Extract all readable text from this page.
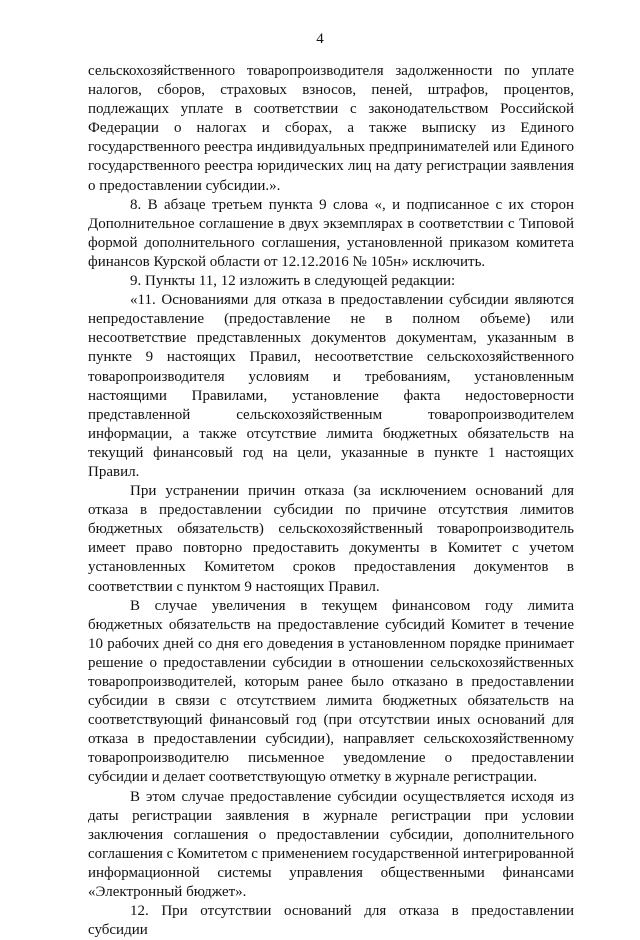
4

сельскохозяйственного товаропроизводителя задолженности по уплате налогов, сборов, страховых взносов, пеней, штрафов, процентов, подлежащих уплате в соответствии с законодательством Российской Федерации о налогах и сборах, а также выписку из Единого государственного реестра индивидуальных предпринимателей или Единого государственного реестра юридических лиц на дату регистрации заявления о предоставлении субсидии.».

8. В абзаце третьем пункта 9 слова «, и подписанное с их сторон Дополнительное соглашение в двух экземплярах в соответствии с Типовой формой дополнительного соглашения, установленной приказом комитета финансов Курской области от 12.12.2016 № 105н» исключить.

9. Пункты 11, 12 изложить в следующей редакции:

«11. Основаниями для отказа в предоставлении субсидии являются непредоставление (предоставление не в полном объеме) или несоответствие представленных документов документам, указанным в пункте 9 настоящих Правил, несоответствие сельскохозяйственного товаропроизводителя условиям и требованиям, установленным настоящими Правилами, установление факта недостоверности представленной сельскохозяйственным товаропроизводителем информации, а также отсутствие лимита бюджетных обязательств на текущий финансовый год на цели, указанные в пункте 1 настоящих Правил.

При устранении причин отказа (за исключением оснований для отказа в предоставлении субсидии по причине отсутствия лимитов бюджетных обязательств) сельскохозяйственный товаропроизводитель имеет право повторно предоставить документы в Комитет с учетом установленных Комитетом сроков предоставления документов в соответствии с пунктом 9 настоящих Правил.

В случае увеличения в текущем финансовом году лимита бюджетных обязательств на предоставление субсидий Комитет в течение 10 рабочих дней со дня его доведения в установленном порядке принимает решение о предоставлении субсидии в отношении сельскохозяйственных товаропроизводителей, которым ранее было отказано в предоставлении субсидии в связи с отсутствием лимита бюджетных обязательств на соответствующий финансовый год (при отсутствии иных оснований для отказа в предоставлении субсидии), направляет сельскохозяйственному товаропроизводителю письменное уведомление о предоставлении субсидии и делает соответствующую отметку в журнале регистрации.

В этом случае предоставление субсидии осуществляется исходя из даты регистрации заявления в журнале регистрации при условии заключения соглашения о предоставлении субсидии, дополнительного соглашения с Комитетом с применением государственной интегрированной информационной системы управления общественными финансами «Электронный бюджет».

12. При отсутствии оснований для отказа в предоставлении субсидии
